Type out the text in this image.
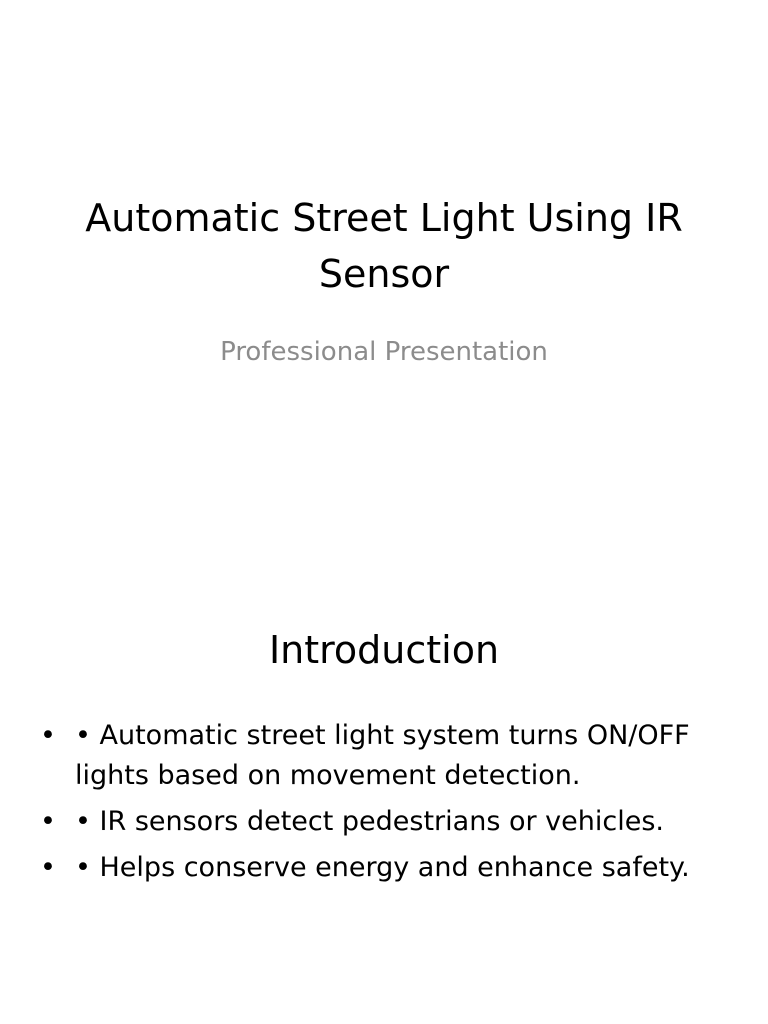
Automatic Street Light Using IR Sensor
Professional Presentation
Introduction
• • Automatic street light system turns ON/OFF lights based on movement detection.
• • IR sensors detect pedestrians or vehicles.
• • Helps conserve energy and enhance safety.
